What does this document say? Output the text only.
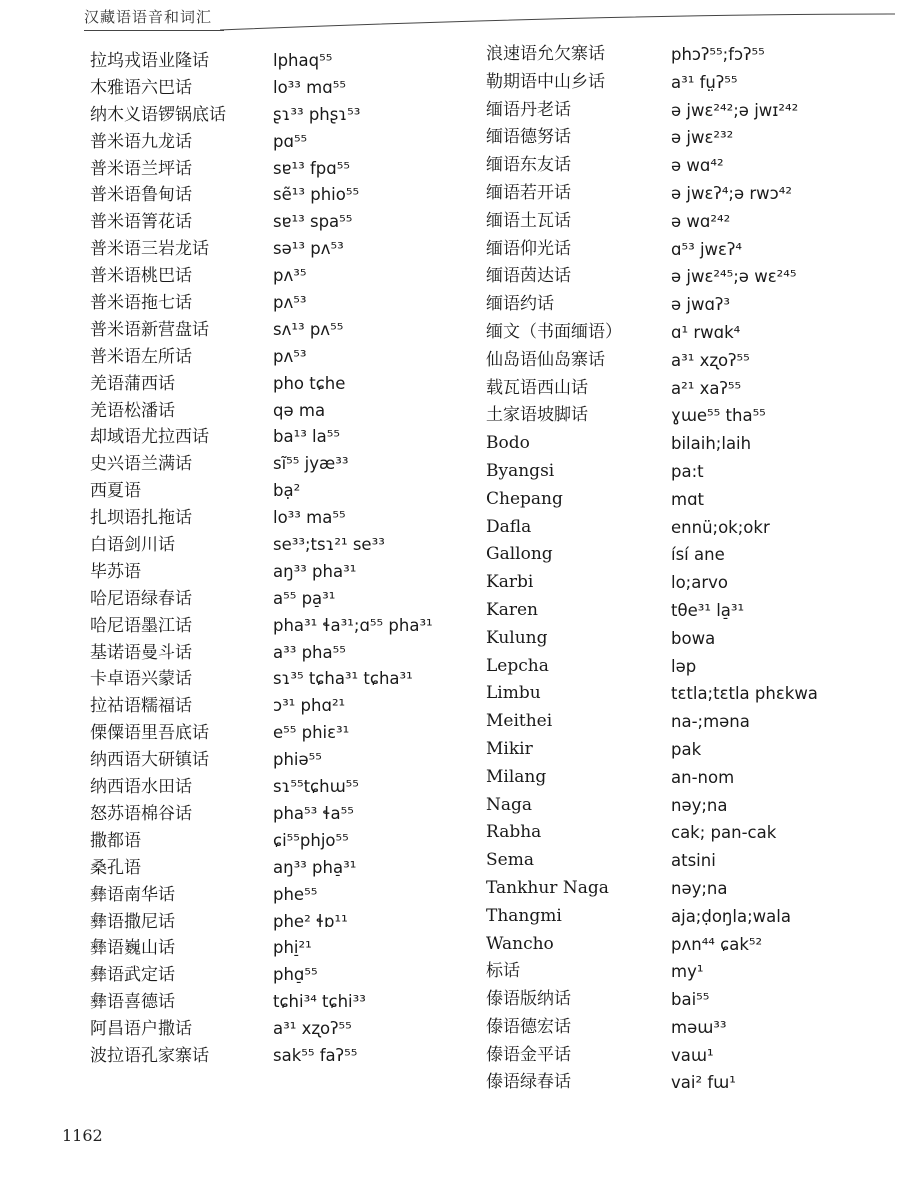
汉藏语语音和词汇
拉坞戎语业隆话	lphaq⁵⁵
木雅语六巴话	lo³³ mɑ⁵⁵
纳木义语锣锅底话	ʂɿ³³ phʂɿ⁵³
普米语九龙话	pɑ⁵⁵
普米语兰坪话	sɐ¹³ fpɑ⁵⁵
普米语鲁甸话	sẽ¹³ phio⁵⁵
普米语箐花话	sɐ¹³ spa⁵⁵
普米语三岩龙话	sə¹³ pʌ⁵³
普米语桃巴话	pʌ³⁵
普米语拖七话	pʌ⁵³
普米语新营盘话	sʌ¹³ pʌ⁵⁵
普米语左所话	pʌ⁵³
羌语蒲西话	pho tɕhe
羌语松潘话	qə ma
却域语尤拉西话	ba¹³ la⁵⁵
史兴语兰满话	sĩ⁵⁵ jyæ³³
西夏语	bạ²
扎坝语扎拖话	lo³³ ma⁵⁵
白语剑川话	se³³;tsɿ²¹ se³³
毕苏语	aŋ³³ pha³¹
哈尼语绿春话	a⁵⁵ pa̠³¹
哈尼语墨江话	pha³¹ ɬa³¹;ɑ⁵⁵ pha³¹
基诺语曼斗话	a³³ pha⁵⁵
卡卓语兴蒙话	sɿ³⁵ tɕha³¹ tɕha³¹
拉祜语糯福话	ɔ³¹ phɑ²¹
傈僳语里吾底话	e⁵⁵ phiɛ³¹
纳西语大研镇话	phiə⁵⁵
纳西语水田话	sɿ⁵⁵tɕhɯ⁵⁵
怒苏语棉谷话	pha⁵³ ɬa⁵⁵
撒都语	ɕi⁵⁵phjo⁵⁵
桑孔语	aŋ³³ pha̠³¹
彝语南华话	phe⁵⁵
彝语撒尼话	phe² ɬɒ¹¹
彝语巍山话	phi̠²¹
彝语武定话	phɑ̠⁵⁵
彝语喜德话	tɕhi³⁴ tɕhi³³
阿昌语户撒话	a³¹ xʐoʔ⁵⁵
波拉语孔家寨话	sak⁵⁵ faʔ⁵⁵
浪速语允欠寨话	phɔʔ⁵⁵;fɔʔ⁵⁵
勒期语中山乡话	a³¹ fṳʔ⁵⁵
缅语丹老话	ə jwɛ²⁴²;ə jwɪ²⁴²
缅语德努话	ə jwɛ²³²
缅语东友话	ə wɑ⁴²
缅语若开话	ə jwɛʔ⁴;ə rwɔ⁴²
缅语土瓦话	ə wɑ²⁴²
缅语仰光话	ɑ⁵³ jwɛʔ⁴
缅语茵达话	ə jwɛ²⁴⁵;ə wɛ²⁴⁵
缅语约话	ə jwɑʔ³
缅文（书面缅语）	ɑ¹ rwɑk⁴
仙岛语仙岛寨话	a³¹ xʐoʔ⁵⁵
载瓦语西山话	a²¹ xaʔ⁵⁵
土家语坡脚话	ɣɯe⁵⁵ tha⁵⁵
Bodo	bilaih;laih
Byangsi	pa:t
Chepang	mɑt
Dafla	ennü;ok;okr
Gallong	ísí ane
Karbi	lo;arvo
Karen	tθe³¹ la̠³¹
Kulung	bowa
Lepcha	ləp
Limbu	tɛtla;tɛtla phɛkwa
Meithei	na-;məna
Mikir	pak
Milang	an-nom
Naga	nəy;na
Rabha	cak; pan-cak
Sema	atsini
Tankhur Naga	nəy;na
Thangmi	aja;ḍoŋla;wala
Wancho	pʌn⁴⁴ ɕak⁵²
标话	my¹
傣语版纳话	bai⁵⁵
傣语德宏话	məɯ³³
傣语金平话	vaɯ¹
傣语绿春话	vai² fɯ¹
1162
